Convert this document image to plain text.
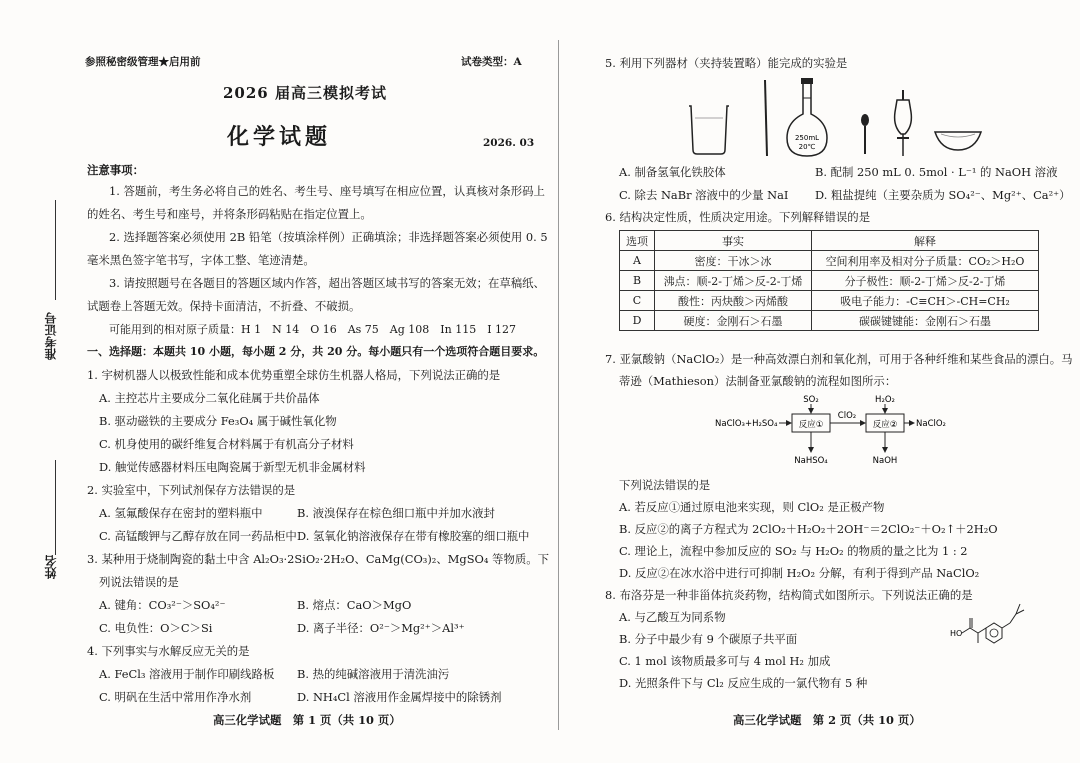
准考证号
姓名
参照秘密级管理★启用前	试卷类型：A
2026 届高三模拟考试
化学试题	2026. 03
注意事项：
1. 答题前，考生务必将自己的姓名、考生号、座号填写在相应位置，认真核对条形码上
的姓名、考生号和座号，并将条形码粘贴在指定位置上。
2. 选择题答案必须使用 2B 铅笔（按填涂样例）正确填涂；非选择题答案必须使用 0. 5
毫米黑色签字笔书写，字体工整、笔迹清楚。
3. 请按照题号在各题目的答题区域内作答，超出答题区域书写的答案无效；在草稿纸、
试题卷上答题无效。保持卡面清洁，不折叠、不破损。
可能用到的相对原子质量：H 1　N 14　O 16　As 75　Ag 108　In 115　I 127
一、选择题：本题共 10 小题，每小题 2 分，共 20 分。每小题只有一个选项符合题目要求。
1. 宇树机器人以极致性能和成本优势重塑全球仿生机器人格局，下列说法正确的是
A. 主控芯片主要成分二氧化硅属于共价晶体
B. 驱动磁铁的主要成分 Fe₃O₄ 属于碱性氧化物
C. 机身使用的碳纤维复合材料属于有机高分子材料
D. 触觉传感器材料压电陶瓷属于新型无机非金属材料
2. 实验室中，下列试剂保存方法错误的是
A. 氢氟酸保存在密封的塑料瓶中	B. 液溴保存在棕色细口瓶中并加水液封
C. 高锰酸钾与乙醇存放在同一药品柜中 D. 氢氧化钠溶液保存在带有橡胶塞的细口瓶中
3. 某种用于烧制陶瓷的黏土中含 Al₂O₃·2SiO₂·2H₂O、CaMg(CO₃)₂、MgSO₄ 等物质。下
列说法错误的是
A. 键角：CO₃²⁻＞SO₄²⁻	B. 熔点：CaO＞MgO
C. 电负性：O＞C＞Si	D. 离子半径：O²⁻＞Mg²⁺＞Al³⁺
4. 下列事实与水解反应无关的是
A. FeCl₃ 溶液用于制作印刷线路板 B. 热的纯碱溶液用于清洗油污
C. 明矾在生活中常用作净水剂	D. NH₄Cl 溶液用作金属焊接中的除锈剂
高三化学试题　第 1 页（共 10 页）
5. 利用下列器材（夹持装置略）能完成的实验是
250mL
20℃
A. 制备氢氧化铁胶体	B. 配制 250 mL 0. 5mol · L⁻¹ 的 NaOH 溶液
C. 除去 NaBr 溶液中的少量 NaI D. 粗盐提纯（主要杂质为 SO₄²⁻、Mg²⁺、Ca²⁺）
6. 结构决定性质，性质决定用途。下列解释错误的是
选项	事实	解释
A	密度：干冰＞冰	空间利用率及相对分子质量：CO₂＞H₂O
B	沸点：顺-2-丁烯＞反-2-丁烯	分子极性：顺-2-丁烯＞反-2-丁烯
C	酸性：丙炔酸＞丙烯酸	吸电子能力：-C≡CH＞-CH=CH₂
D	硬度：金刚石＞石墨	碳碳键键能：金刚石＞石墨
7. 亚氯酸钠（NaClO₂）是一种高效漂白剂和氧化剂，可用于各种纤维和某些食品的漂白。马
蒂逊（Mathieson）法制备亚氯酸钠的流程如图所示：
NaClO₃+H₂SO₄	反应①
SO₂
NaHSO₄
ClO₂
反应②
H₂O₂
NaOH
NaClO₂
下列说法错误的是
A. 若反应①通过原电池来实现，则 ClO₂ 是正极产物
B. 反应②的离子方程式为 2ClO₂＋H₂O₂＋2OH⁻＝2ClO₂⁻＋O₂↑＋2H₂O
C. 理论上，流程中参加反应的 SO₂ 与 H₂O₂ 的物质的量之比为 1 : 2
D. 反应②在冰水浴中进行可抑制 H₂O₂ 分解，有利于得到产品 NaClO₂
8. 布洛芬是一种非甾体抗炎药物，结构简式如图所示。下列说法正确的是
A. 与乙酸互为同系物
B. 分子中最少有 9 个碳原子共平面
C. 1 mol 该物质最多可与 4 mol H₂ 加成
D. 光照条件下与 Cl₂ 反应生成的一氯代物有 5 种
HO
高三化学试题　第 2 页（共 10 页）
